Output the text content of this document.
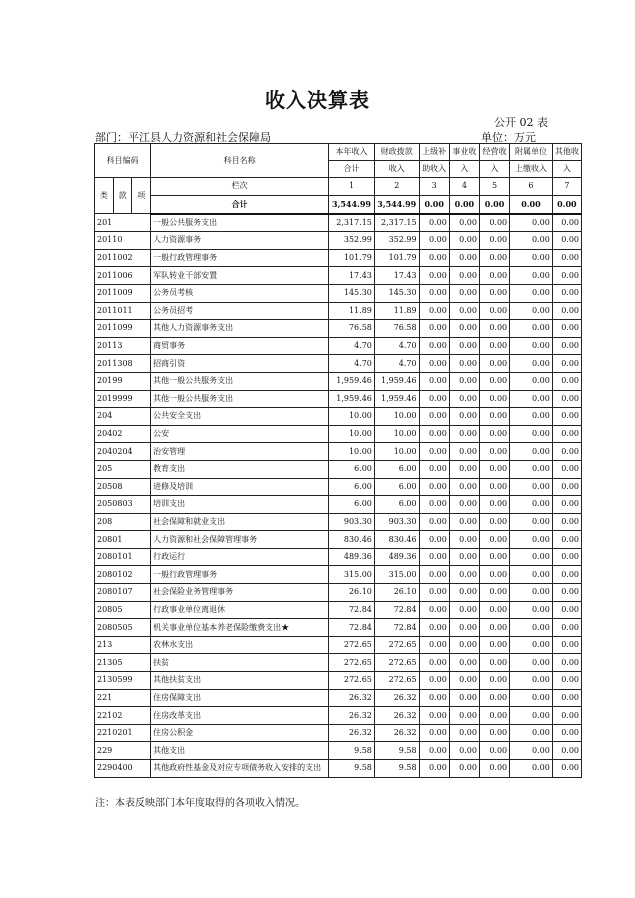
收入决算表
公开 02 表
部门：平江县人力资源和社会保障局	单位：万元
科目编码			科目名称	本年收入	财政拨款	上级补	事业收	经营收	附属单位	其他收
				合计	收入	助收入	入	入	上缴收入	入
类	款	项	栏次	1	2	3	4	5	6	7
			合计	3,544.99	3,544.99	0.00	0.00	0.00	0.00	0.00
201			一般公共服务支出	2,317.15	2,317.15	0.00	0.00	0.00	0.00	0.00
20110			人力资源事务	352.99	352.99	0.00	0.00	0.00	0.00	0.00
2011002			一般行政管理事务	101.79	101.79	0.00	0.00	0.00	0.00	0.00
2011006			军队转业干部安置	17.43	17.43	0.00	0.00	0.00	0.00	0.00
2011009			公务员考核	145.30	145.30	0.00	0.00	0.00	0.00	0.00
2011011			公务员招考	11.89	11.89	0.00	0.00	0.00	0.00	0.00
2011099			其他人力资源事务支出	76.58	76.58	0.00	0.00	0.00	0.00	0.00
20113			商贸事务	4.70	4.70	0.00	0.00	0.00	0.00	0.00
2011308			招商引资	4.70	4.70	0.00	0.00	0.00	0.00	0.00
20199			其他一般公共服务支出	1,959.46	1,959.46	0.00	0.00	0.00	0.00	0.00
2019999			其他一般公共服务支出	1,959.46	1,959.46	0.00	0.00	0.00	0.00	0.00
204			公共安全支出	10.00	10.00	0.00	0.00	0.00	0.00	0.00
20402			公安	10.00	10.00	0.00	0.00	0.00	0.00	0.00
2040204			治安管理	10.00	10.00	0.00	0.00	0.00	0.00	0.00
205			教育支出	6.00	6.00	0.00	0.00	0.00	0.00	0.00
20508			进修及培训	6.00	6.00	0.00	0.00	0.00	0.00	0.00
2050803			培训支出	6.00	6.00	0.00	0.00	0.00	0.00	0.00
208			社会保障和就业支出	903.30	903.30	0.00	0.00	0.00	0.00	0.00
20801			人力资源和社会保障管理事务	830.46	830.46	0.00	0.00	0.00	0.00	0.00
2080101			行政运行	489.36	489.36	0.00	0.00	0.00	0.00	0.00
2080102			一般行政管理事务	315.00	315.00	0.00	0.00	0.00	0.00	0.00
2080107			社会保险业务管理事务	26.10	26.10	0.00	0.00	0.00	0.00	0.00
20805			行政事业单位离退休	72.84	72.84	0.00	0.00	0.00	0.00	0.00
2080505			机关事业单位基本养老保险缴费支出★	72.84	72.84	0.00	0.00	0.00	0.00	0.00
213			农林水支出	272.65	272.65	0.00	0.00	0.00	0.00	0.00
21305			扶贫	272.65	272.65	0.00	0.00	0.00	0.00	0.00
2130599			其他扶贫支出	272.65	272.65	0.00	0.00	0.00	0.00	0.00
221			住房保障支出	26.32	26.32	0.00	0.00	0.00	0.00	0.00
22102			住房改革支出	26.32	26.32	0.00	0.00	0.00	0.00	0.00
2210201			住房公积金	26.32	26.32	0.00	0.00	0.00	0.00	0.00
229			其他支出	9.58	9.58	0.00	0.00	0.00	0.00	0.00
2290400			其他政府性基金及对应专项债务收入安排的支出	9.58	9.58	0.00	0.00	0.00	0.00	0.00
注：本表反映部门本年度取得的各项收入情况。
